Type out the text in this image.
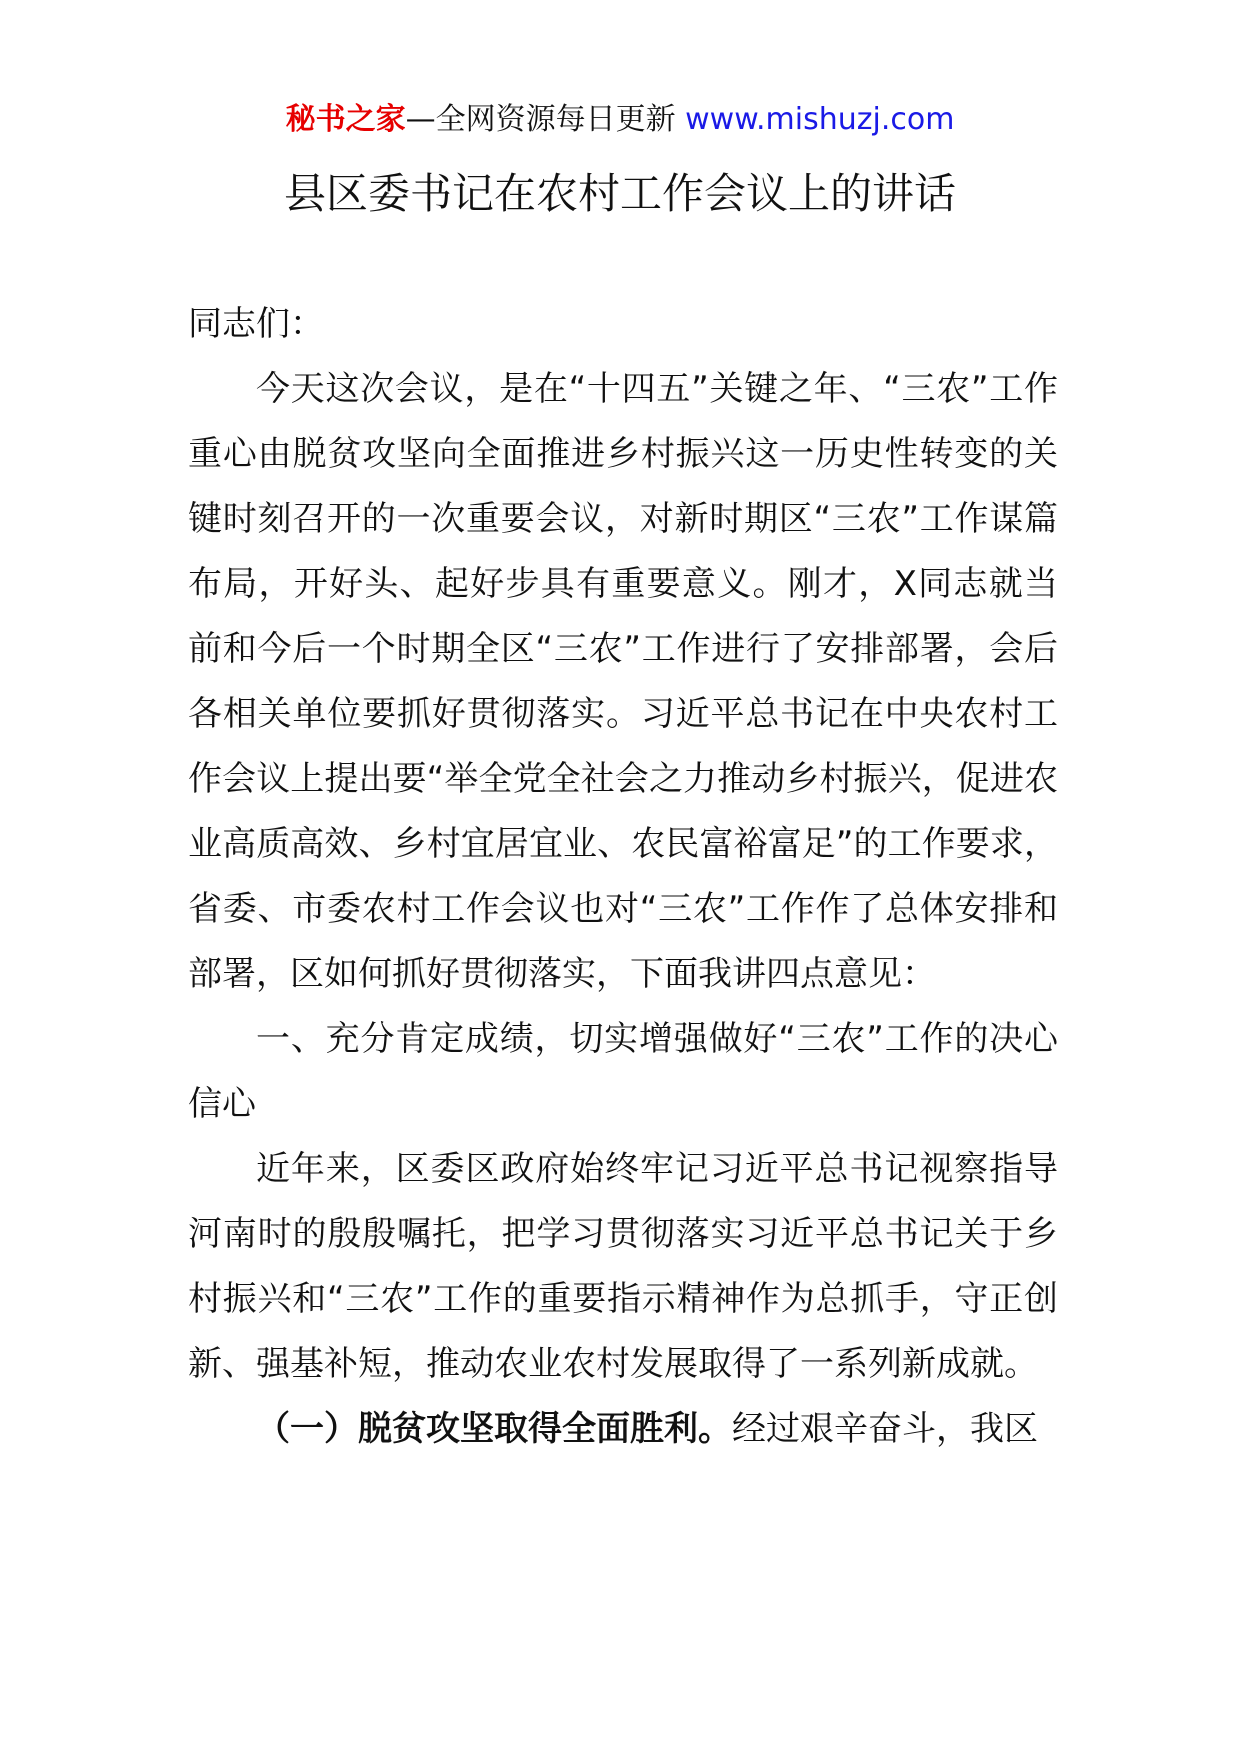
秘书之家—全网资源每日更新 www.mishuzj.com
县区委书记在农村工作会议上的讲话

同志们：

今天这次会议，是在“十四五”关键之年、“三农”工作重心由脱贫攻坚向全面推进乡村振兴这一历史性转变的关键时刻召开的一次重要会议，对新时期区“三农”工作谋篇布局，开好头、起好步具有重要意义。刚才，X同志就当前和今后一个时期全区“三农”工作进行了安排部署，会后各相关单位要抓好贯彻落实。习近平总书记在中央农村工作会议上提出要“举全党全社会之力推动乡村振兴，促进农业高质高效、乡村宜居宜业、农民富裕富足”的工作要求，省委、市委农村工作会议也对“三农”工作作了总体安排和部署，区如何抓好贯彻落实，下面我讲四点意见：

一、充分肯定成绩，切实增强做好“三农”工作的决心信心

近年来，区委区政府始终牢记习近平总书记视察指导河南时的殷殷嘱托，把学习贯彻落实习近平总书记关于乡村振兴和“三农”工作的重要指示精神作为总抓手，守正创新、强基补短，推动农业农村发展取得了一系列新成就。

（一）脱贫攻坚取得全面胜利。经过艰辛奋斗，我区
